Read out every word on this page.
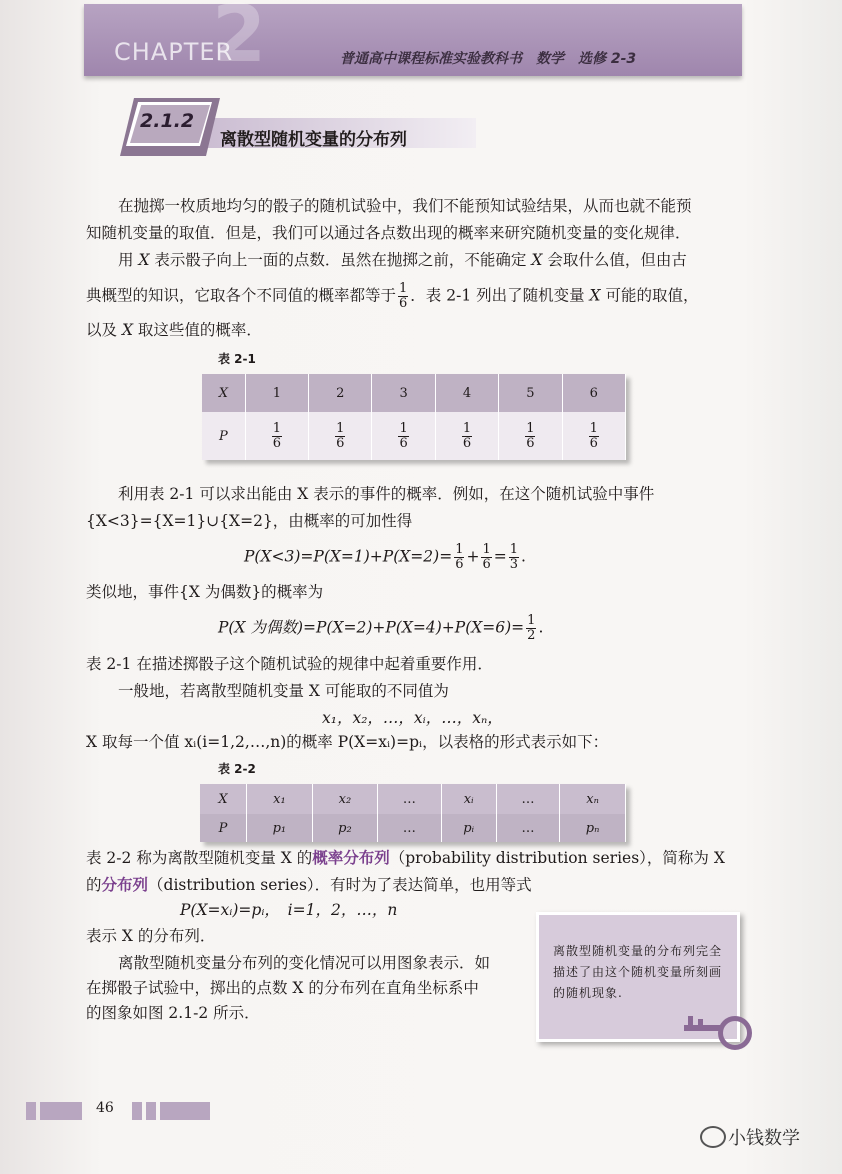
2
CHAPTER	普通高中课程标准实验教科书　数学　选修 2-3
2.1.2
离散型随机变量的分布列
在抛掷一枚质地均匀的骰子的随机试验中，我们不能预知试验结果，从而也就不能预
知随机变量的取值．但是，我们可以通过各点数出现的概率来研究随机变量的变化规律．
用 X 表示骰子向上一面的点数．虽然在抛掷之前，不能确定 X 会取什么值，但由古
典概型的知识，它取各个不同值的概率都等于 $\frac{1}{6}$ ．表 2-1 列出了随机变量 X 可能的取值，
以及 X 取这些值的概率．
表 2-1
X	1	2	3	4	5	6
P	$\frac{1}{6}$	$\frac{1}{6}$	$\frac{1}{6}$	$\frac{1}{6}$	$\frac{1}{6}$	$\frac{1}{6}$
利用表 2-1 可以求出能由 X 表示的事件的概率．例如，在这个随机试验中事件
{X<3}={X=1}∪{X=2}，由概率的可加性得
$P(X<3)=P(X=1)+P(X=2)= \frac{1}{6} + \frac{1}{6} = \frac{1}{3}$ .
类似地，事件{X 为偶数}的概率为
P(X 为偶数)$=P(X=2)+P(X=4)+P(X=6)= \frac{1}{2}$ .
表 2-1 在描述掷骰子这个随机试验的规律中起着重要作用．
一般地，若离散型随机变量 X 可能取的不同值为
x₁，x₂，…，xᵢ，…，xₙ，
X 取每一个值 xᵢ(i=1,2,…,n)的概率 P(X=xᵢ)=pᵢ，以表格的形式表示如下：
表 2-2
X	x₁	x₂	…	xᵢ	…	xₙ
P	p₁	p₂	…	pᵢ	…	pₙ
表 2-2 称为离散型随机变量 X 的概率分布列（probability distribution series），简称为 X
的分布列（distribution series）．有时为了表达简单，也用等式
P(X=xᵢ)=pᵢ，　i=1，2，…，n
表示 X 的分布列．
离散型随机变量分布列的变化情况可以用图象表示．如
在掷骰子试验中，掷出的点数 X 的分布列在直角坐标系中
的图象如图 2.1-2 所示．
离散型随机变量的分布列完全描述了由这个随机变量所刻画的随机现象.
46
小钱数学
